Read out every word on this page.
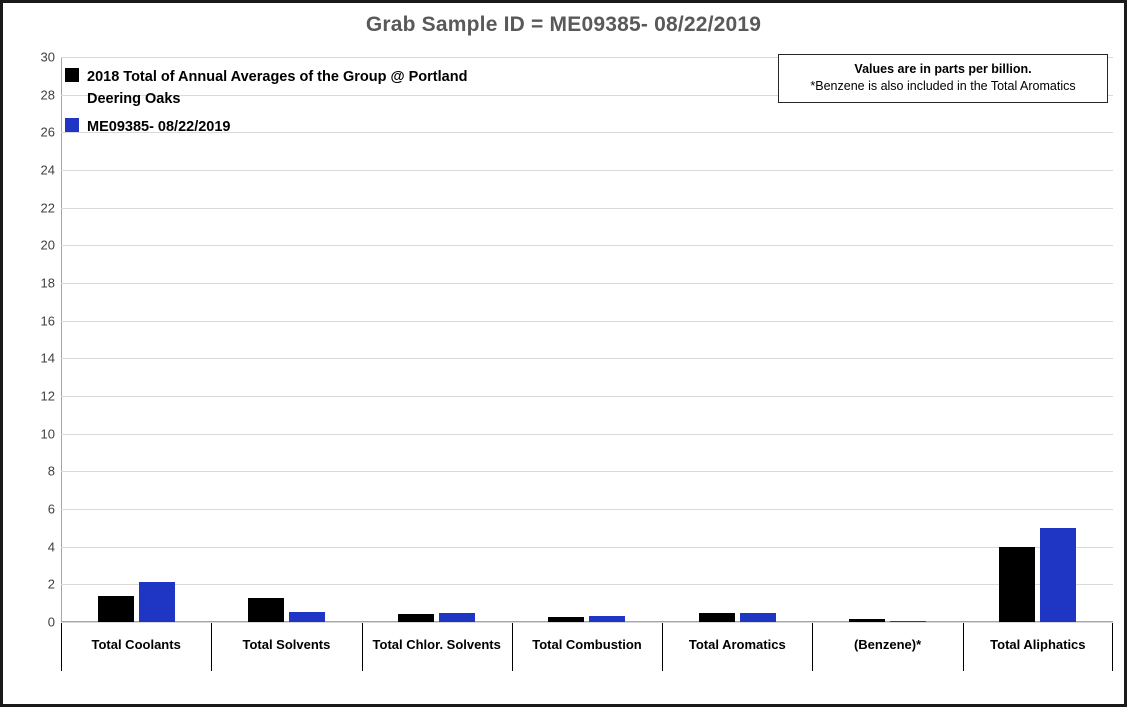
Grab Sample ID = ME09385- 08/22/2019
0
2
4
6
8
10
12
14
16
18
20
22
24
26
28
30
Total Coolants	Total Solvents	Total Chlor. Solvents	Total Combustion	Total Aromatics	(Benzene)*	Total Aliphatics
2018 Total of Annual Averages of the Group @ Portland Deering Oaks
ME09385- 08/22/2019
Values are in parts per billion.
*Benzene is also included in the Total Aromatics
